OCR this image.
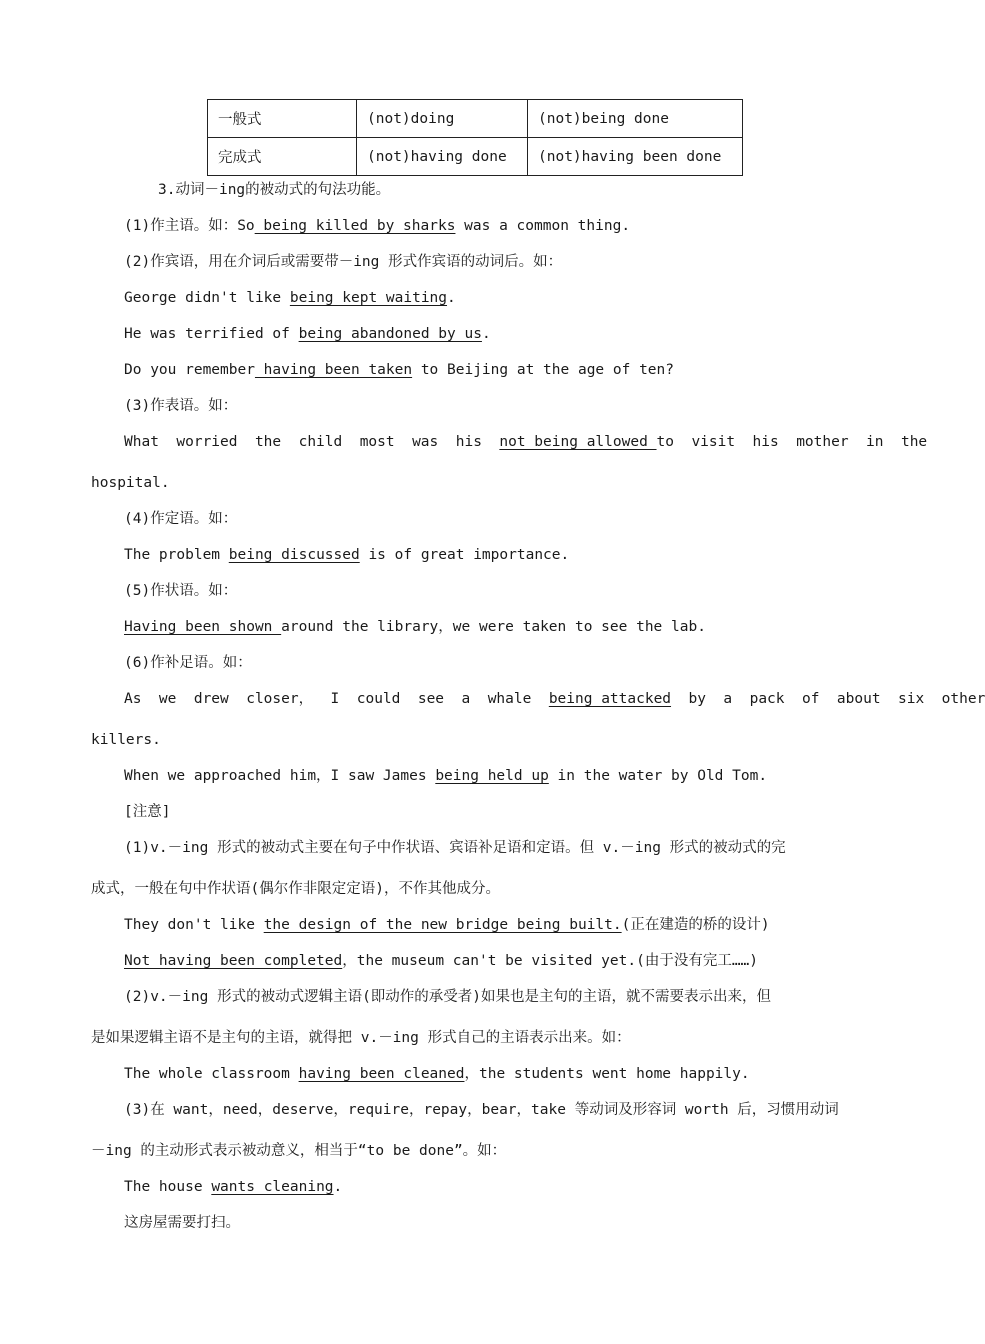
一般式	(not)doing	(not)being done
完成式	(not)having done	(not)having been done
3.动词－ing的被动式的句法功能。
(1)作主语。如：So being killed by sharks was a common thing.
(2)作宾语，用在介词后或需要带－ing 形式作宾语的动词后。如：
George didn't like being kept waiting.
He was terrified of being abandoned by us.
Do you remember having been taken to Beijing at the age of ten?
(3)作表语。如：
What  worried  the  child  most  was  his  not being allowed to  visit  his  mother  in  the
hospital.
(4)作定语。如：
The problem being discussed is of great importance.
(5)作状语。如：
Having been shown around the library，we were taken to see the lab.
(6)作补足语。如：
As  we  drew  closer，  I  could  see  a  whale  being attacked  by  a  pack  of  about  six  other
killers.
When we approached him，I saw James being held up in the water by Old Tom.
[注意]
(1)v.－ing 形式的被动式主要在句子中作状语、宾语补足语和定语。但 v.－ing 形式的被动式的完
成式，一般在句中作状语(偶尔作非限定定语)，不作其他成分。
They don't like the design of the new bridge being built.(正在建造的桥的设计)
Not having been completed，the museum can't be visited yet.(由于没有完工……)
(2)v.－ing 形式的被动式逻辑主语(即动作的承受者)如果也是主句的主语，就不需要表示出来，但
是如果逻辑主语不是主句的主语，就得把 v.－ing 形式自己的主语表示出来。如：
The whole classroom having been cleaned，the students went home happily.
(3)在 want，need，deserve，require，repay，bear，take 等动词及形容词 worth 后，习惯用动词
－ing 的主动形式表示被动意义，相当于“to be done”。如：
The house wants cleaning.
这房屋需要打扫。
